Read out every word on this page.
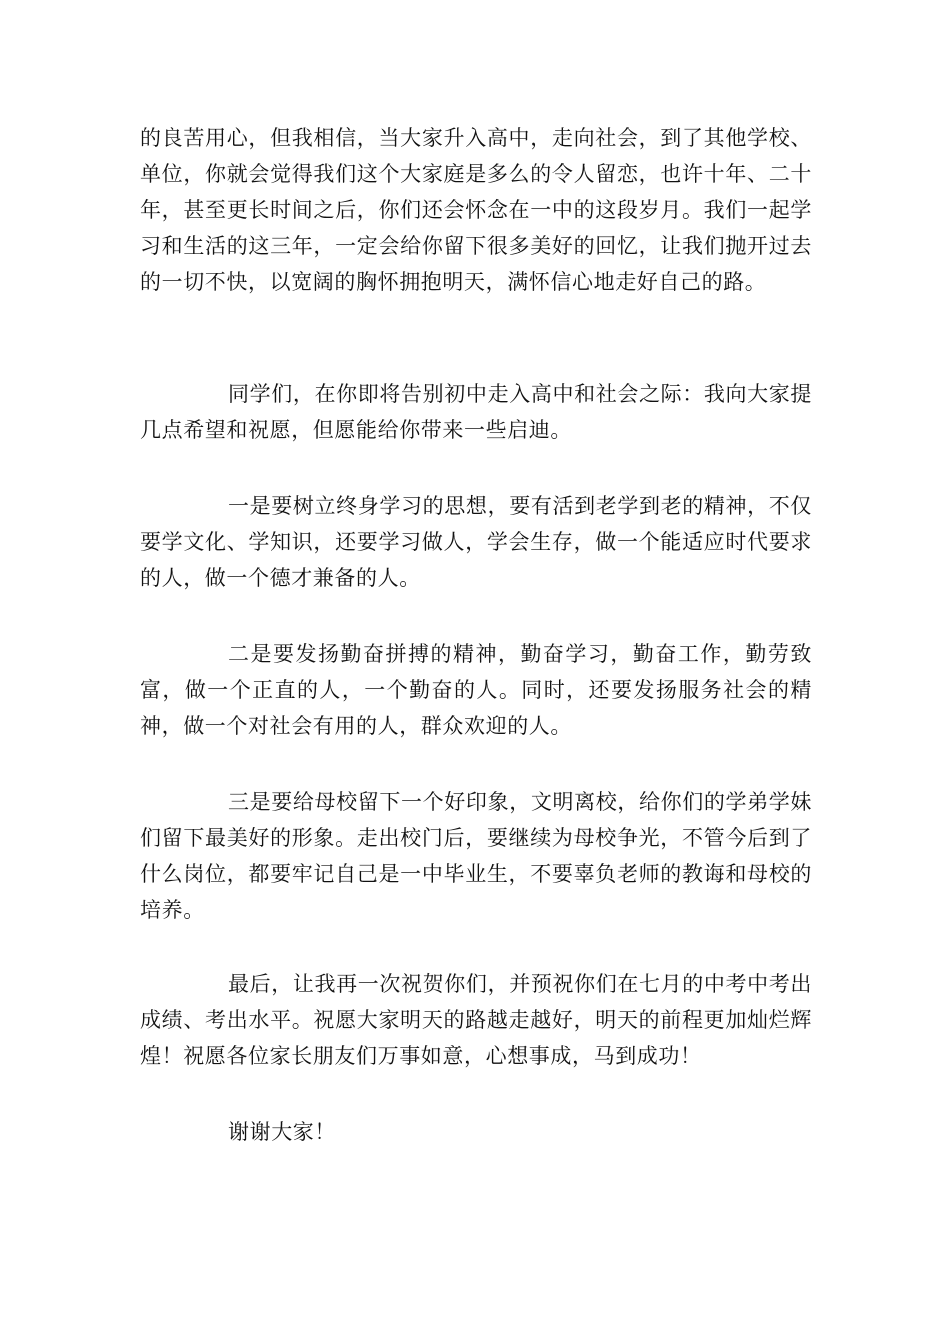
的良苦用心，但我相信，当大家升入高中，走向社会，到了其他学校、单位，你就会觉得我们这个大家庭是多么的令人留恋，也许十年、二十年，甚至更长时间之后，你们还会怀念在一中的这段岁月。我们一起学习和生活的这三年，一定会给你留下很多美好的回忆，让我们抛开过去的一切不快，以宽阔的胸怀拥抱明天，满怀信心地走好自己的路。

同学们，在你即将告别初中走入高中和社会之际：我向大家提几点希望和祝愿，但愿能给你带来一些启迪。

一是要树立终身学习的思想，要有活到老学到老的精神，不仅要学文化、学知识，还要学习做人，学会生存，做一个能适应时代要求的人，做一个德才兼备的人。

二是要发扬勤奋拼搏的精神，勤奋学习，勤奋工作，勤劳致富，做一个正直的人，一个勤奋的人。同时，还要发扬服务社会的精神，做一个对社会有用的人，群众欢迎的人。

三是要给母校留下一个好印象，文明离校，给你们的学弟学妹们留下最美好的形象。走出校门后，要继续为母校争光，不管今后到了什么岗位，都要牢记自己是一中毕业生，不要辜负老师的教诲和母校的培养。

最后，让我再一次祝贺你们，并预祝你们在七月的中考中考出成绩、考出水平。祝愿大家明天的路越走越好，明天的前程更加灿烂辉煌！祝愿各位家长朋友们万事如意，心想事成，马到成功！

谢谢大家！
